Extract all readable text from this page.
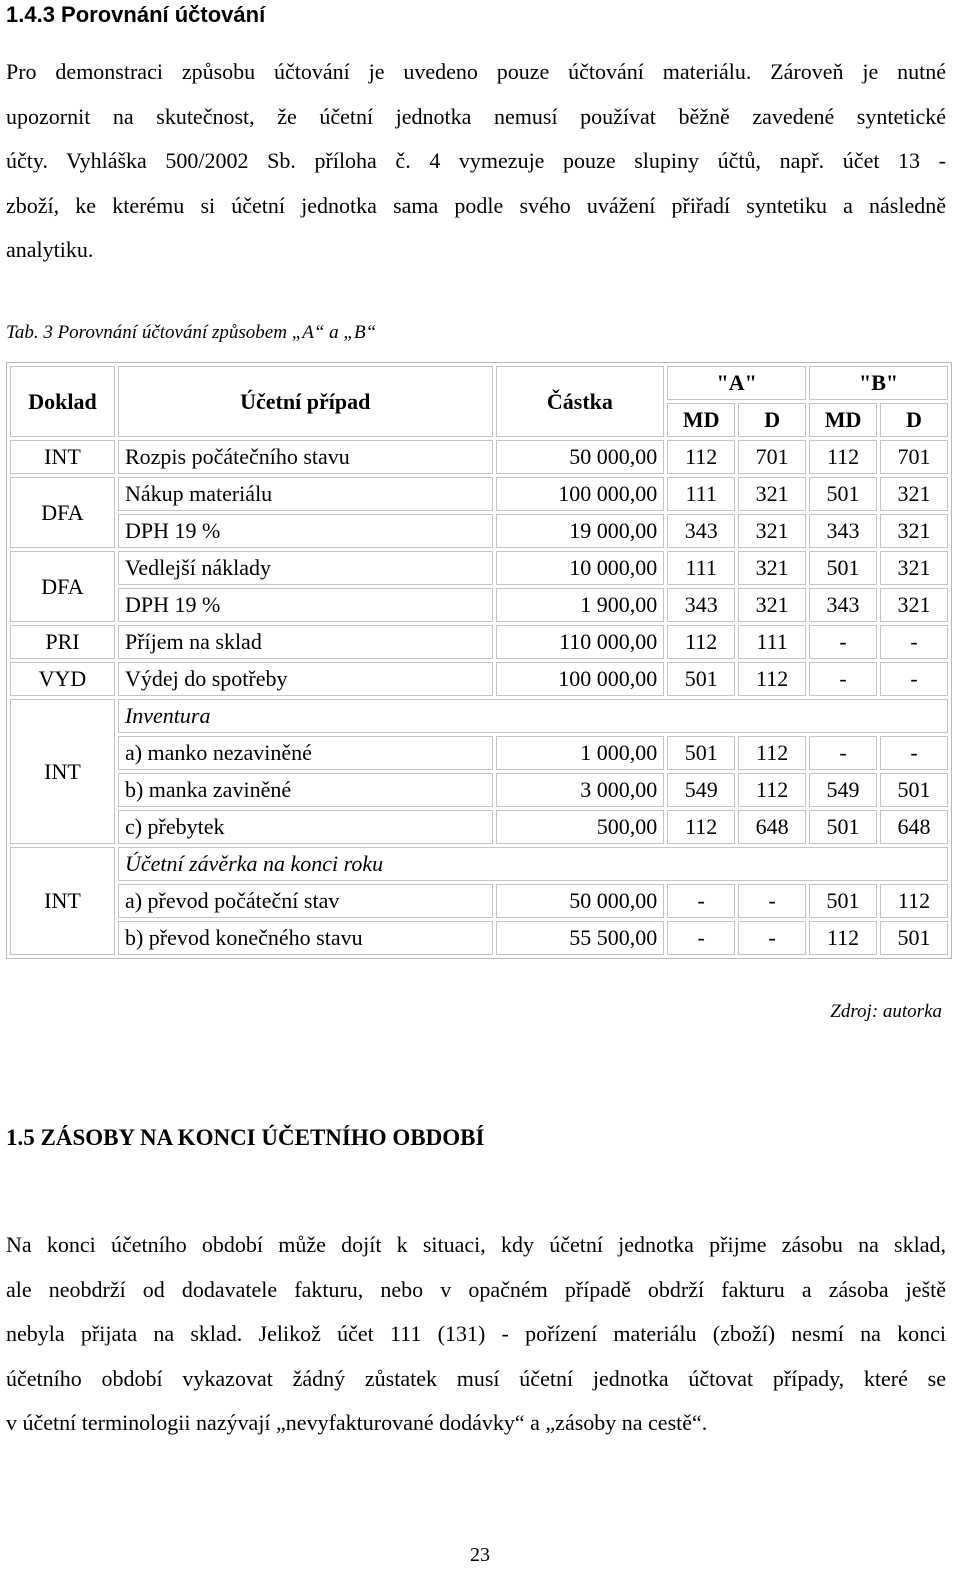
1.4.3 Porovnání účtování
Pro demonstraci způsobu účtování je uvedeno pouze účtování materiálu. Zároveň je nutné
upozornit na skutečnost, že účetní jednotka nemusí používat běžně zavedené syntetické
účty. Vyhláška 500/2002 Sb. příloha č. 4 vymezuje pouze slupiny účtů, např. účet 13 -
zboží, ke kterému si účetní jednotka sama podle svého uvážení přiřadí syntetiku a následně
analytiku.
Tab. 3 Porovnání účtování způsobem „A“ a „B“
Doklad	Účetní případ	Částka	"A"		"B"	
			MD	D	MD	D
INT	Rozpis počátečního stavu	50 000,00	112	701	112	701
DFA	Nákup materiálu	100 000,00	111	321	501	321
	DPH 19 %	19 000,00	343	321	343	321
DFA	Vedlejší náklady	10 000,00	111	321	501	321
	DPH 19 %	1 900,00	343	321	343	321
PRI	Příjem na sklad	110 000,00	112	111	-	-
VYD	Výdej do spotřeby	100 000,00	501	112	-	-
INT	Inventura					
	a) manko nezaviněné	1 000,00	501	112	-	-
	b) manka zaviněné	3 000,00	549	112	549	501
	c) přebytek	500,00	112	648	501	648
INT	Účetní závěrka na konci roku					
	a) převod počáteční stav	50 000,00	-	-	501	112
	b) převod konečného stavu	55 500,00	-	-	112	501
Zdroj: autorka
1.5 ZÁSOBY NA KONCI ÚČETNÍHO OBDOBÍ
Na konci účetního období může dojít k situaci, kdy účetní jednotka přijme zásobu na sklad,
ale neobdrží od dodavatele fakturu, nebo v opačném případě obdrží fakturu a zásoba ještě
nebyla přijata na sklad. Jelikož účet 111 (131) - pořízení materiálu (zboží) nesmí na konci
účetního období vykazovat žádný zůstatek musí účetní jednotka účtovat případy, které se
v účetní terminologii nazývají „nevyfakturované dodávky“ a „zásoby na cestě“.
23
